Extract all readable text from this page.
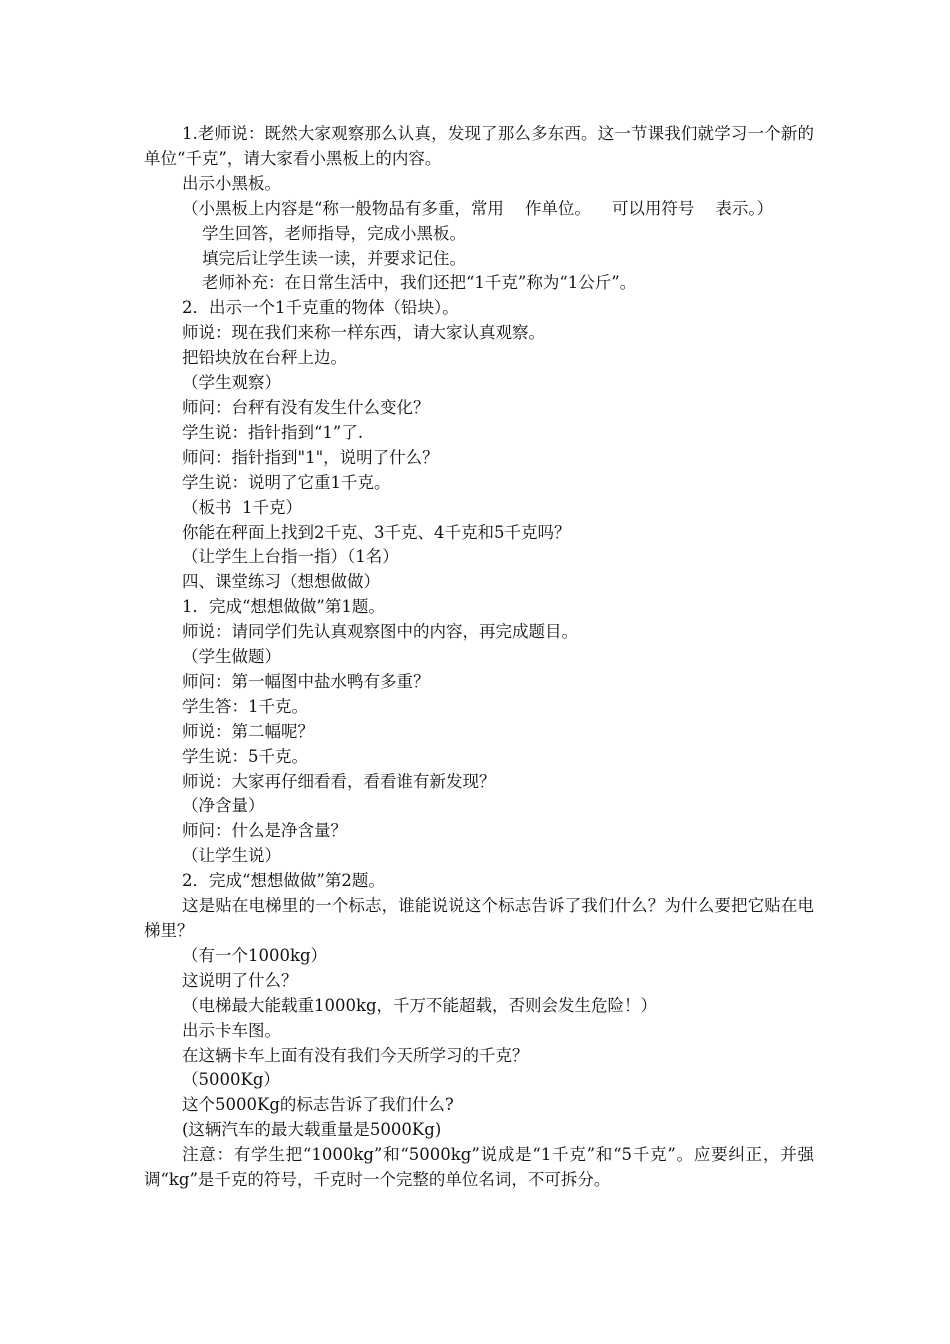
1.老师说：既然大家观察那么认真，发现了那么多东西。这一节课我们就学习一个新的单位“千克”，请大家看小黑板上的内容。

出示小黑板。

（小黑板上内容是“称一般物品有多重，常用    作单位。    可以用符号    表示。）

学生回答，老师指导，完成小黑板。

填完后让学生读一读，并要求记住。

老师补充：在日常生活中，我们还把“1千克”称为“1公斤”。

2．出示一个1千克重的物体（铅块）。

师说：现在我们来称一样东西，请大家认真观察。

把铅块放在台秤上边。

（学生观察）

师问：台秤有没有发生什么变化？

学生说：指针指到“1”了.

师问：指针指到"1"，说明了什么？

学生说：说明了它重1千克。

（板书  1千克）

你能在秤面上找到2千克、3千克、4千克和5千克吗？

（让学生上台指一指）（1名）

四、课堂练习（想想做做）

1．完成“想想做做”第1题。

师说：请同学们先认真观察图中的内容，再完成题目。

（学生做题）

师问：第一幅图中盐水鸭有多重？

学生答：1千克。

师说：第二幅呢？

学生说：5千克。

师说：大家再仔细看看，看看谁有新发现？

（净含量）

师问：什么是净含量？

（让学生说）

2．完成“想想做做”第2题。

这是贴在电梯里的一个标志，谁能说说这个标志告诉了我们什么？为什么要把它贴在电梯里？

（有一个1000kg）

这说明了什么？

（电梯最大能载重1000kg，千万不能超载，否则会发生危险！）

出示卡车图。

在这辆卡车上面有没有我们今天所学习的千克？

（5000Kg）

这个5000Kg的标志告诉了我们什么?

(这辆汽车的最大载重量是5000Kg)

注意：有学生把“1000kg”和“5000kg”说成是“1千克”和“5千克”。应要纠正，并强调“kg”是千克的符号，千克时一个完整的单位名词，不可拆分。
